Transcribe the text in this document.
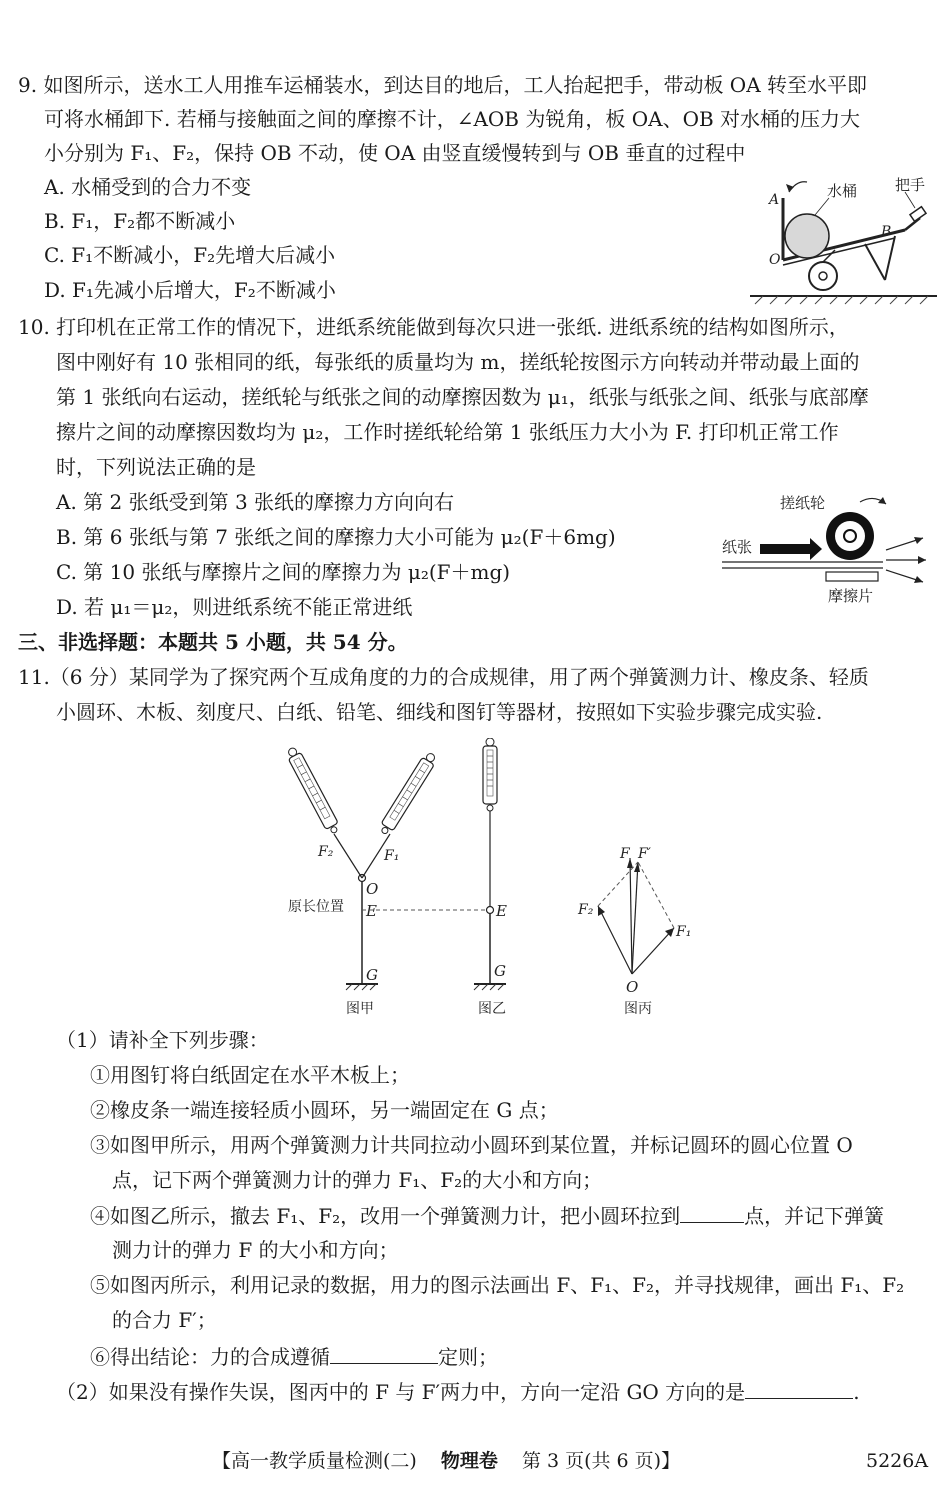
9. 如图所示，送水工人用推车运桶装水，到达目的地后，工人抬起把手，带动板 OA 转至水平即
可将水桶卸下. 若桶与接触面之间的摩擦不计，∠AOB 为锐角，板 OA、OB 对水桶的压力大
小分别为 F₁、F₂，保持 OB 不动，使 OA 由竖直缓慢转到与 OB 垂直的过程中
A. 水桶受到的合力不变
B. F₁，F₂都不断减小
C. F₁不断减小，F₂先增大后减小
D. F₁先减小后增大，F₂不断减小
水桶	把手
A
B
O
10. 打印机在正常工作的情况下，进纸系统能做到每次只进一张纸. 进纸系统的结构如图所示，
图中刚好有 10 张相同的纸，每张纸的质量均为 m，搓纸轮按图示方向转动并带动最上面的
第 1 张纸向右运动，搓纸轮与纸张之间的动摩擦因数为 μ₁，纸张与纸张之间、纸张与底部摩
擦片之间的动摩擦因数均为 μ₂，工作时搓纸轮给第 1 张纸压力大小为 F. 打印机正常工作
时，下列说法正确的是
A. 第 2 张纸受到第 3 张纸的摩擦力方向向右
B. 第 6 张纸与第 7 张纸之间的摩擦力大小可能为 μ₂(F＋6mg)
C. 第 10 张纸与摩擦片之间的摩擦力为 μ₂(F＋mg)
D. 若 μ₁＝μ₂，则进纸系统不能正常进纸
搓纸轮
纸张
摩擦片
三、非选择题：本题共 5 小题，共 54 分。
11.（6 分）某同学为了探究两个互成角度的力的合成规律，用了两个弹簧测力计、橡皮条、轻质
小圆环、木板、刻度尺、白纸、铅笔、细线和图钉等器材，按照如下实验步骤完成实验.
F₂	F₁
O
原长位置 E
G
图甲
E
G
图乙
F F′
F₂
F₁
O
图丙
（1）请补全下列步骤：
①用图钉将白纸固定在水平木板上；
②橡皮条一端连接轻质小圆环，另一端固定在 G 点；
③如图甲所示，用两个弹簧测力计共同拉动小圆环到某位置，并标记圆环的圆心位置 O
点，记下两个弹簧测力计的弹力 F₁、F₂的大小和方向；
④如图乙所示，撤去 F₁、F₂，改用一个弹簧测力计，把小圆环拉到	点，并记下弹簧
测力计的弹力 F 的大小和方向；
⑤如图丙所示，利用记录的数据，用力的图示法画出 F、F₁、F₂，并寻找规律，画出 F₁、F₂
的合力 F′；
⑥得出结论：力的合成遵循	定则；
（2）如果没有操作失误，图丙中的 F 与 F′两力中，方向一定沿 GO 方向的是	.
【高一教学质量检测(二) 物理卷 第 3 页(共 6 页)】	5226A
